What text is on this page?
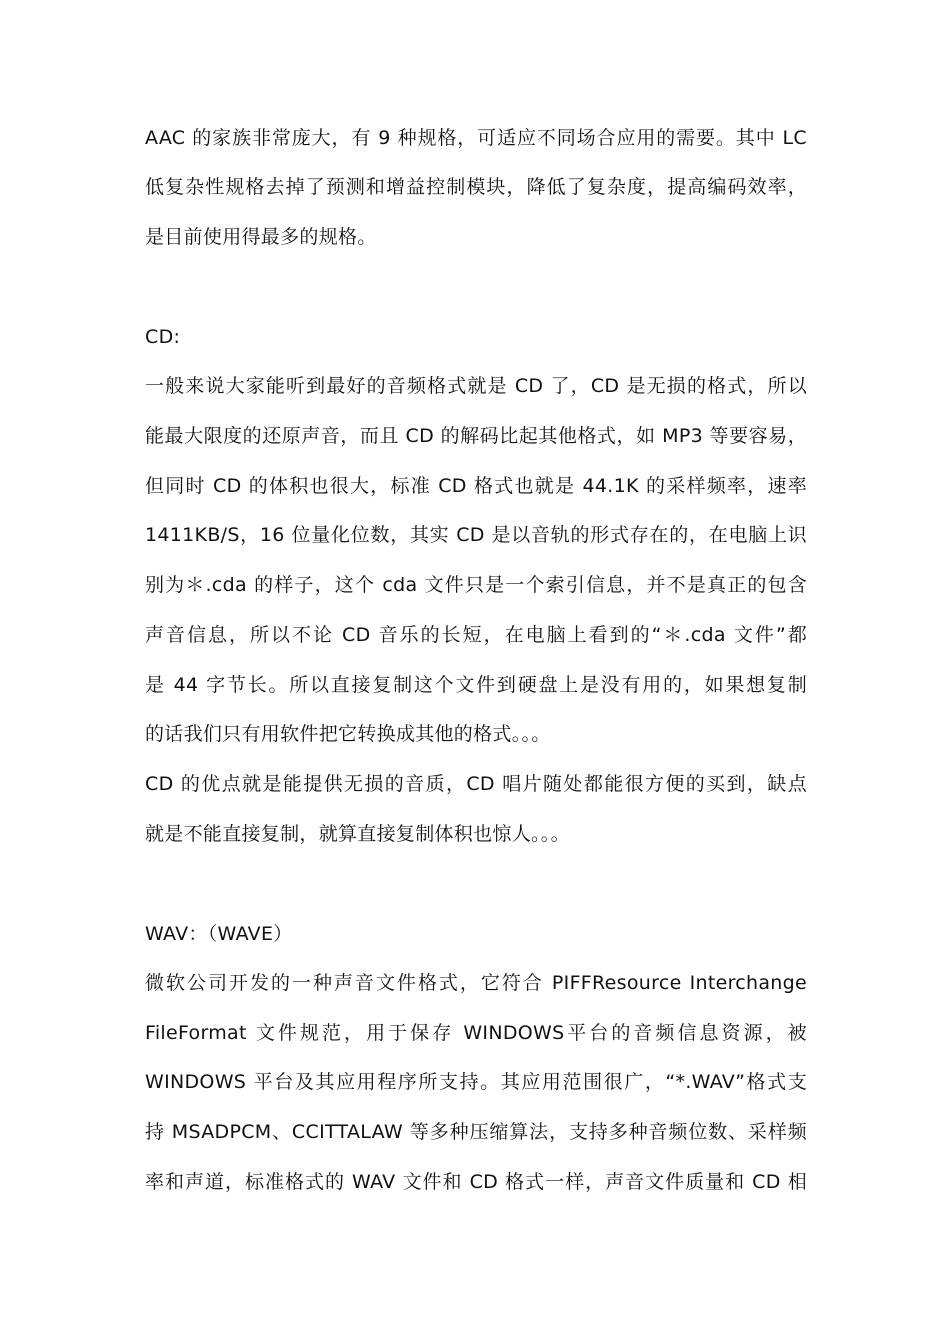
AAC 的家族非常庞大，有 9 种规格，可适应不同场合应用的需要。其中 LC
低复杂性规格去掉了预测和增益控制模块，降低了复杂度，提高编码效率，
是目前使用得最多的规格。
CD:
一般来说大家能听到最好的音频格式就是 CD 了，CD 是无损的格式，所以
能最大限度的还原声音，而且 CD 的解码比起其他格式，如 MP3 等要容易，
但同时 CD 的体积也很大，标准 CD 格式也就是 44.1K 的采样频率，速率
1411KB/S，16 位量化位数，其实 CD 是以音轨的形式存在的，在电脑上识
别为＊.cda 的样子，这个 cda 文件只是一个索引信息，并不是真正的包含
声音信息，所以不论 CD 音乐的长短，在电脑上看到的“＊.cda 文件”都
是 44 字节长。所以直接复制这个文件到硬盘上是没有用的，如果想复制
的话我们只有用软件把它转换成其他的格式。。。
CD 的优点就是能提供无损的音质，CD 唱片随处都能很方便的买到，缺点
就是不能直接复制，就算直接复制体积也惊人。。。
WAV：（WAVE）
微软公司开发的一种声音文件格式，它符合 PIFFResource Interchange
FileFormat 文件规范，用于保存 WINDOWS平台的音频信息资源，被
WINDOWS 平台及其应用程序所支持。其应用范围很广，“*.WAV”格式支
持 MSADPCM、CCITTALAW 等多种压缩算法，支持多种音频位数、采样频
率和声道，标准格式的 WAV 文件和 CD 格式一样，声音文件质量和 CD 相
